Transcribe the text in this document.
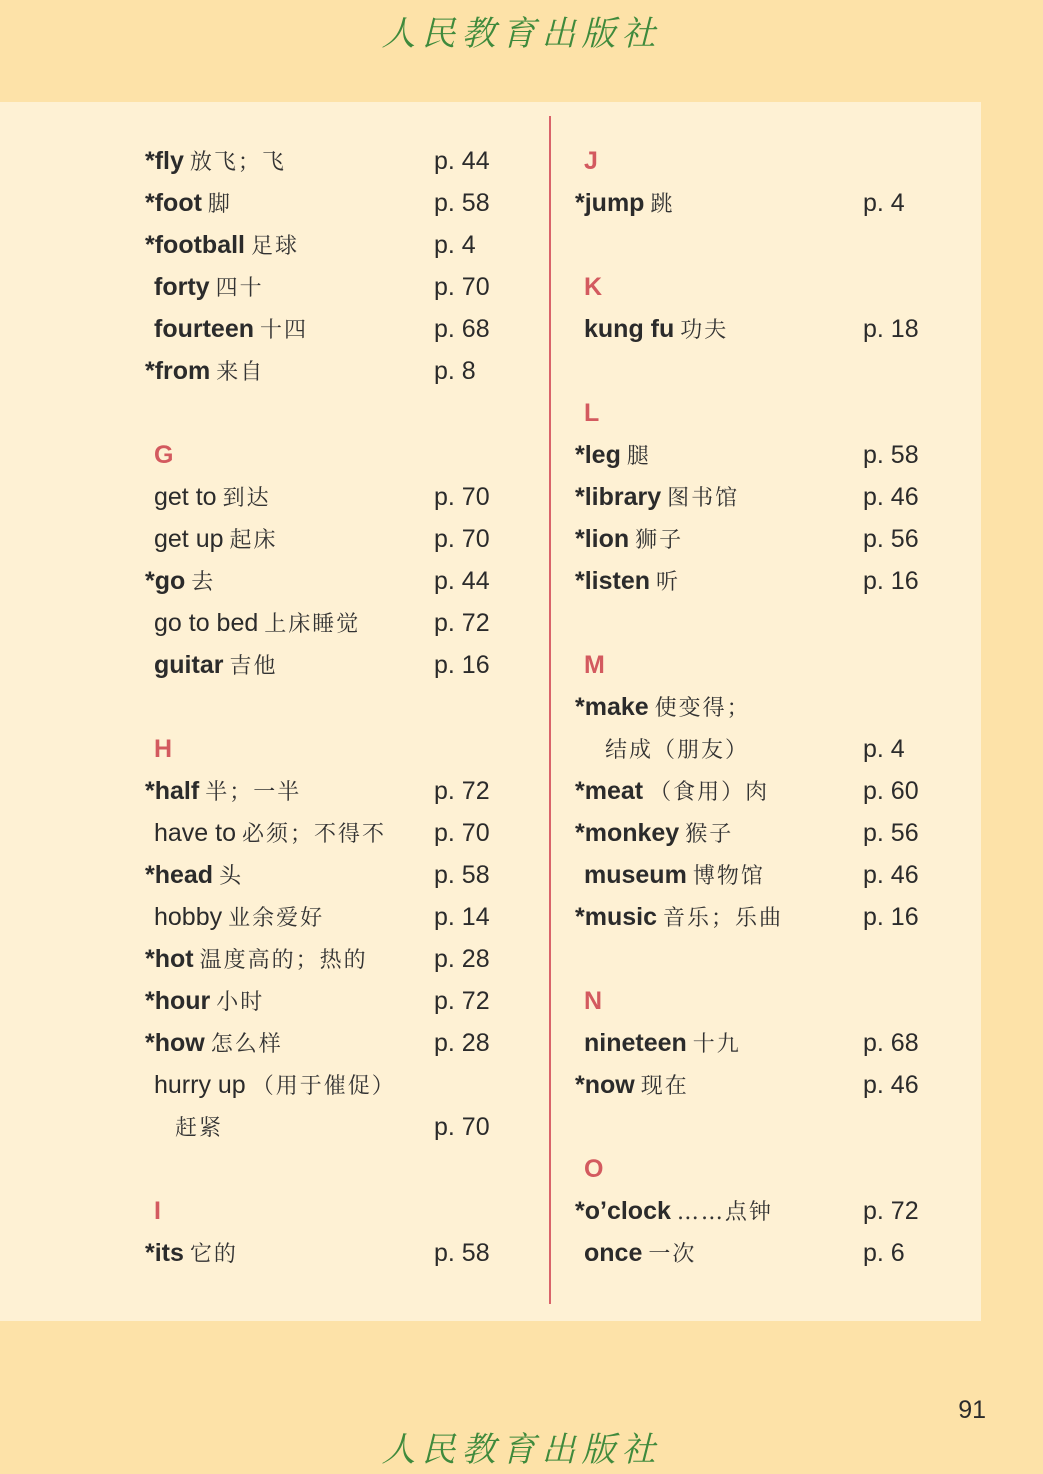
人民教育出版社
*fly 放飞；飞	p. 44
*foot 脚	p. 58
*football 足球	p. 4
forty 四十	p. 70
fourteen 十四	p. 68
*from 来自	p. 8
G
get to 到达	p. 70
get up 起床	p. 70
*go 去	p. 44
go to bed 上床睡觉	p. 72
guitar 吉他	p. 16
H
*half 半；一半	p. 72
have to 必须；不得不 p. 70
*head 头	p. 58
hobby 业余爱好	p. 14
*hot 温度高的；热的	p. 28
*hour 小时	p. 72
*how 怎么样	p. 28
hurry up （用于催促）
赶紧	p. 70
I
*its 它的	p. 58
J
*jump 跳	p. 4
K
kung fu 功夫	p. 18
L
*leg 腿	p. 58
*library 图书馆	p. 46
*lion 狮子	p. 56
*listen 听	p. 16
M
*make 使变得；
结成（朋友）	p. 4
*meat （食用）肉	p. 60
*monkey 猴子	p. 56
museum 博物馆	p. 46
*music 音乐；乐曲	p. 16
N
nineteen 十九	p. 68
*now 现在	p. 46
O
*o’clock ……点钟	p. 72
once 一次	p. 6
91
人民教育出版社
